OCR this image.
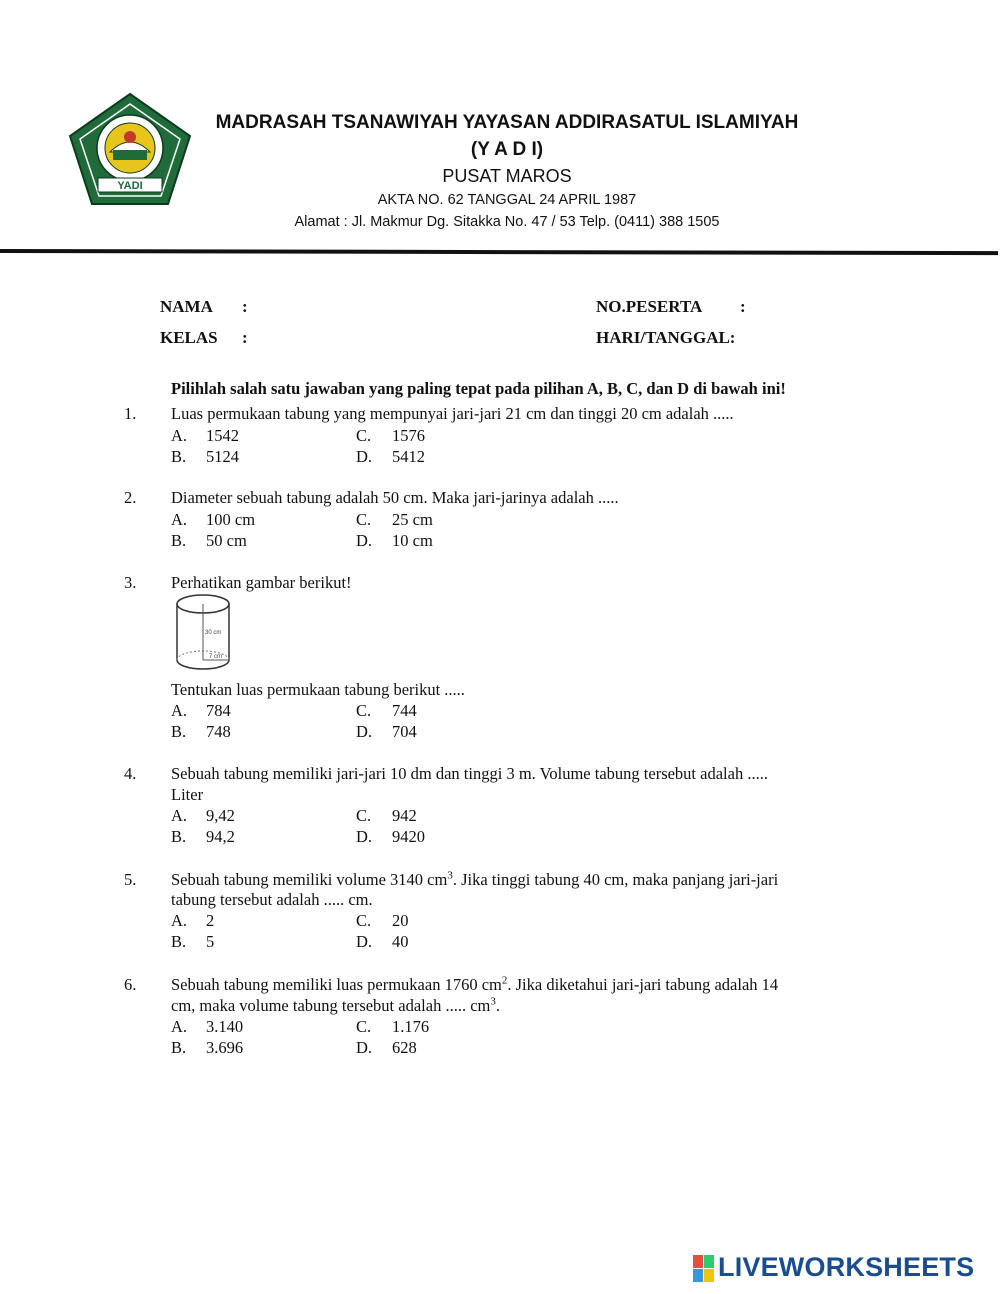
YADI
MADRASAH TSANAWIYAH YAYASAN ADDIRASATUL ISLAMIYAH
(Y A D I)
PUSAT MAROS
AKTA NO. 62 TANGGAL 24 APRIL 1987
Alamat : Jl. Makmur Dg. Sitakka No. 47 / 53 Telp. (0411) 388 1505
NAMA :
KELAS :
NO.PESERTA :
HARI/TANGGAL:
Pilihlah salah satu jawaban yang paling tepat pada pilihan A, B, C, dan D di bawah ini!
1. Luas permukaan tabung yang mempunyai jari-jari 21 cm dan tinggi 20 cm adalah .....
A. 1542	C. 1576
B. 5124	D. 5412
2. Diameter sebuah tabung adalah 50 cm. Maka jari-jarinya adalah .....
A. 100 cm	C. 25 cm
B. 50 cm	D. 10 cm
3. Perhatikan gambar berikut!
30 cm
7 cm
Tentukan luas permukaan tabung berikut .....
A. 784	C. 744
B. 748	D. 704
4. Sebuah tabung memiliki jari-jari 10 dm dan tinggi 3 m. Volume tabung tersebut adalah .....
Liter
A. 9,42	C. 942
B. 94,2	D. 9420
5. Sebuah tabung memiliki volume 3140 $cm^3$. Jika tinggi tabung 40 cm, maka panjang jari-jari
tabung tersebut adalah ..... cm.
A. 2	C. 20
B. 5	D. 40
6. Sebuah tabung memiliki luas permukaan 1760 $cm^2$. Jika diketahui jari-jari tabung adalah 14
cm, maka volume tabung tersebut adalah ..... $cm^3$.
A. 3.140	C. 1.176
B. 3.696	D. 628
LIVEWORKSHEETS
